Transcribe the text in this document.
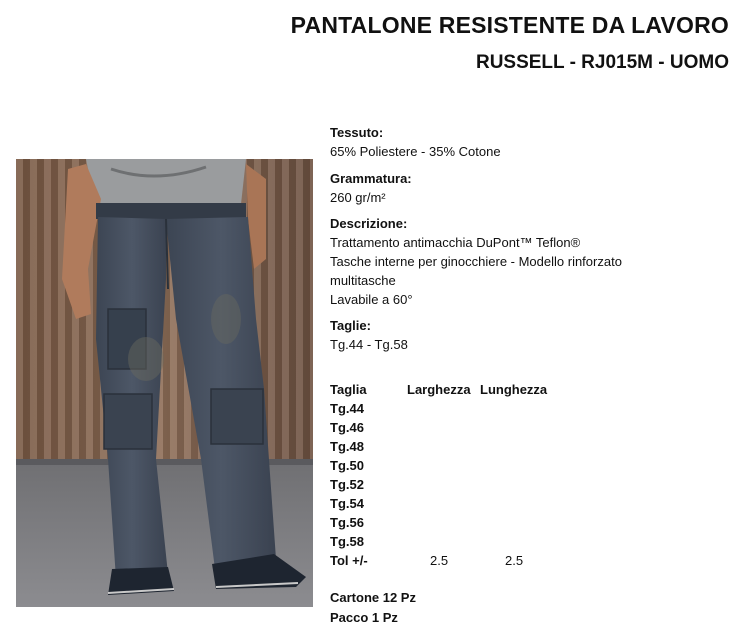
PANTALONE RESISTENTE DA LAVORO
RUSSELL - RJ015M - UOMO
Tessuto:
65% Poliestere - 35% Cotone
Grammatura:
260 gr/m²
Descrizione:
Trattamento antimacchia DuPont™ Teflon®
Tasche interne per ginocchiere - Modello rinforzato
multitasche
Lavabile a 60°
Taglie:
Tg.44 - Tg.58
Taglia	Larghezza Lunghezza
Tg.44
Tg.46
Tg.48
Tg.50
Tg.52
Tg.54
Tg.56
Tg.58
Tol +/-	2.5	2.5
Cartone 12 Pz
Pacco 1 Pz
